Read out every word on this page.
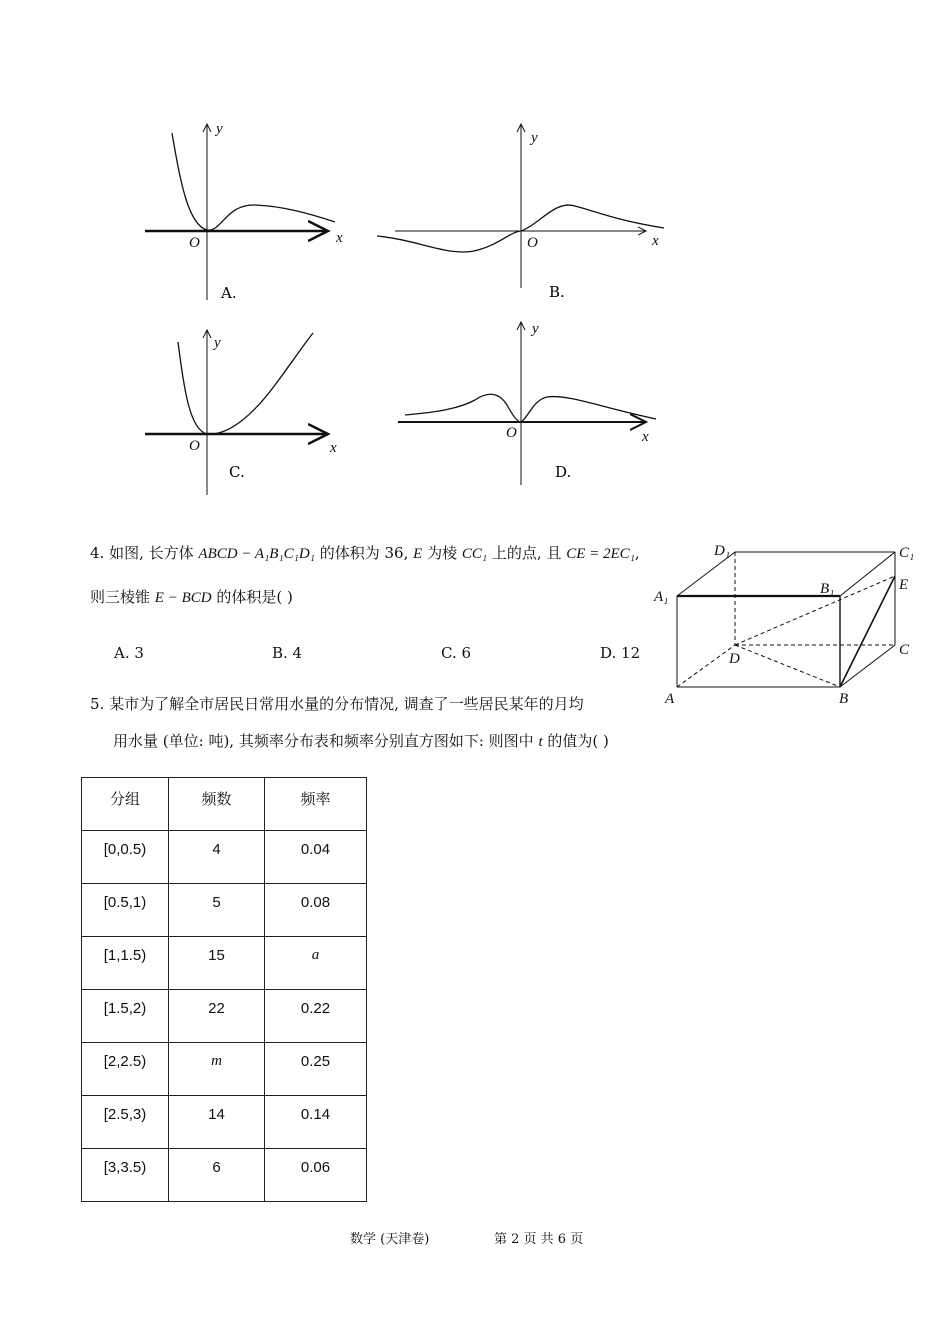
y
x
O
A.
y
x
O
B.
y
x
O
C.
y
x
O
D.
4. 如图, 长方体 ABCD − A₁B₁C₁D₁ 的体积为 36, E 为棱 CC₁ 上的点, 且 CE = 2EC₁,
则三棱锥 E − BCD 的体积是( )
A. 3	B. 4	C. 6	D. 12
D₁	C₁
A₁	B₁	E
C
D
A	B
5. 某市为了解全市居民日常用水量的分布情况, 调查了一些居民某年的月均
用水量 (单位: 吨), 其频率分布表和频率分别直方图如下: 则图中 t 的值为( )
分组	频数	频率
[0,0.5)	4	0.04
[0.5,1)	5	0.08
[1,1.5)	15	a
[1.5,2)	22	0.22
[2,2.5)	m	0.25
[2.5,3)	14	0.14
[3,3.5)	6	0.06
数学 (天津卷)	第 2 页 共 6 页
